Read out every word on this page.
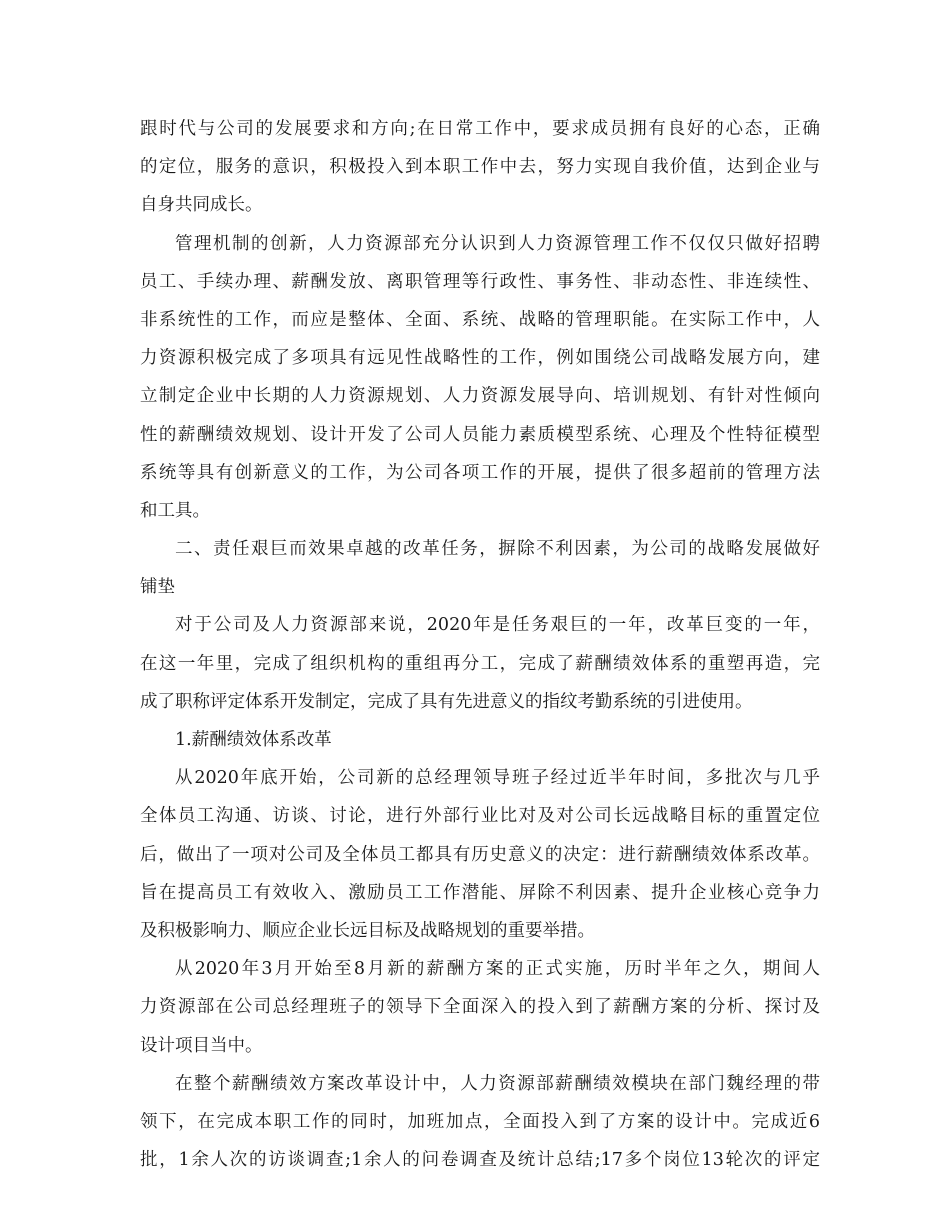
跟时代与公司的发展要求和方向;在日常工作中，要求成员拥有良好的心态，正确
的定位，服务的意识，积极投入到本职工作中去，努力实现自我价值，达到企业与
自身共同成长。
管理机制的创新，人力资源部充分认识到人力资源管理工作不仅仅只做好招聘
员工、手续办理、薪酬发放、离职管理等行政性、事务性、非动态性、非连续性、
非系统性的工作，而应是整体、全面、系统、战略的管理职能。在实际工作中，人
力资源积极完成了多项具有远见性战略性的工作，例如围绕公司战略发展方向，建
立制定企业中长期的人力资源规划、人力资源发展导向、培训规划、有针对性倾向
性的薪酬绩效规划、设计开发了公司人员能力素质模型系统、心理及个性特征模型
系统等具有创新意义的工作，为公司各项工作的开展，提供了很多超前的管理方法
和工具。
二、责任艰巨而效果卓越的改革任务，摒除不利因素，为公司的战略发展做好
铺垫
对于公司及人力资源部来说，2020年是任务艰巨的一年，改革巨变的一年，
在这一年里，完成了组织机构的重组再分工，完成了薪酬绩效体系的重塑再造，完
成了职称评定体系开发制定，完成了具有先进意义的指纹考勤系统的引进使用。
1.薪酬绩效体系改革
从2020年底开始，公司新的总经理领导班子经过近半年时间，多批次与几乎
全体员工沟通、访谈、讨论，进行外部行业比对及对公司长远战略目标的重置定位
后，做出了一项对公司及全体员工都具有历史意义的决定：进行薪酬绩效体系改革。
旨在提高员工有效收入、激励员工工作潜能、屏除不利因素、提升企业核心竞争力
及积极影响力、顺应企业长远目标及战略规划的重要举措。
从2020年3月开始至8月新的薪酬方案的正式实施，历时半年之久，期间人
力资源部在公司总经理班子的领导下全面深入的投入到了薪酬方案的分析、探讨及
设计项目当中。
在整个薪酬绩效方案改革设计中，人力资源部薪酬绩效模块在部门魏经理的带
领下，在完成本职工作的同时，加班加点，全面投入到了方案的设计中。完成近6
批，1余人次的访谈调查;1余人的问卷调查及统计总结;17多个岗位13轮次的评定
